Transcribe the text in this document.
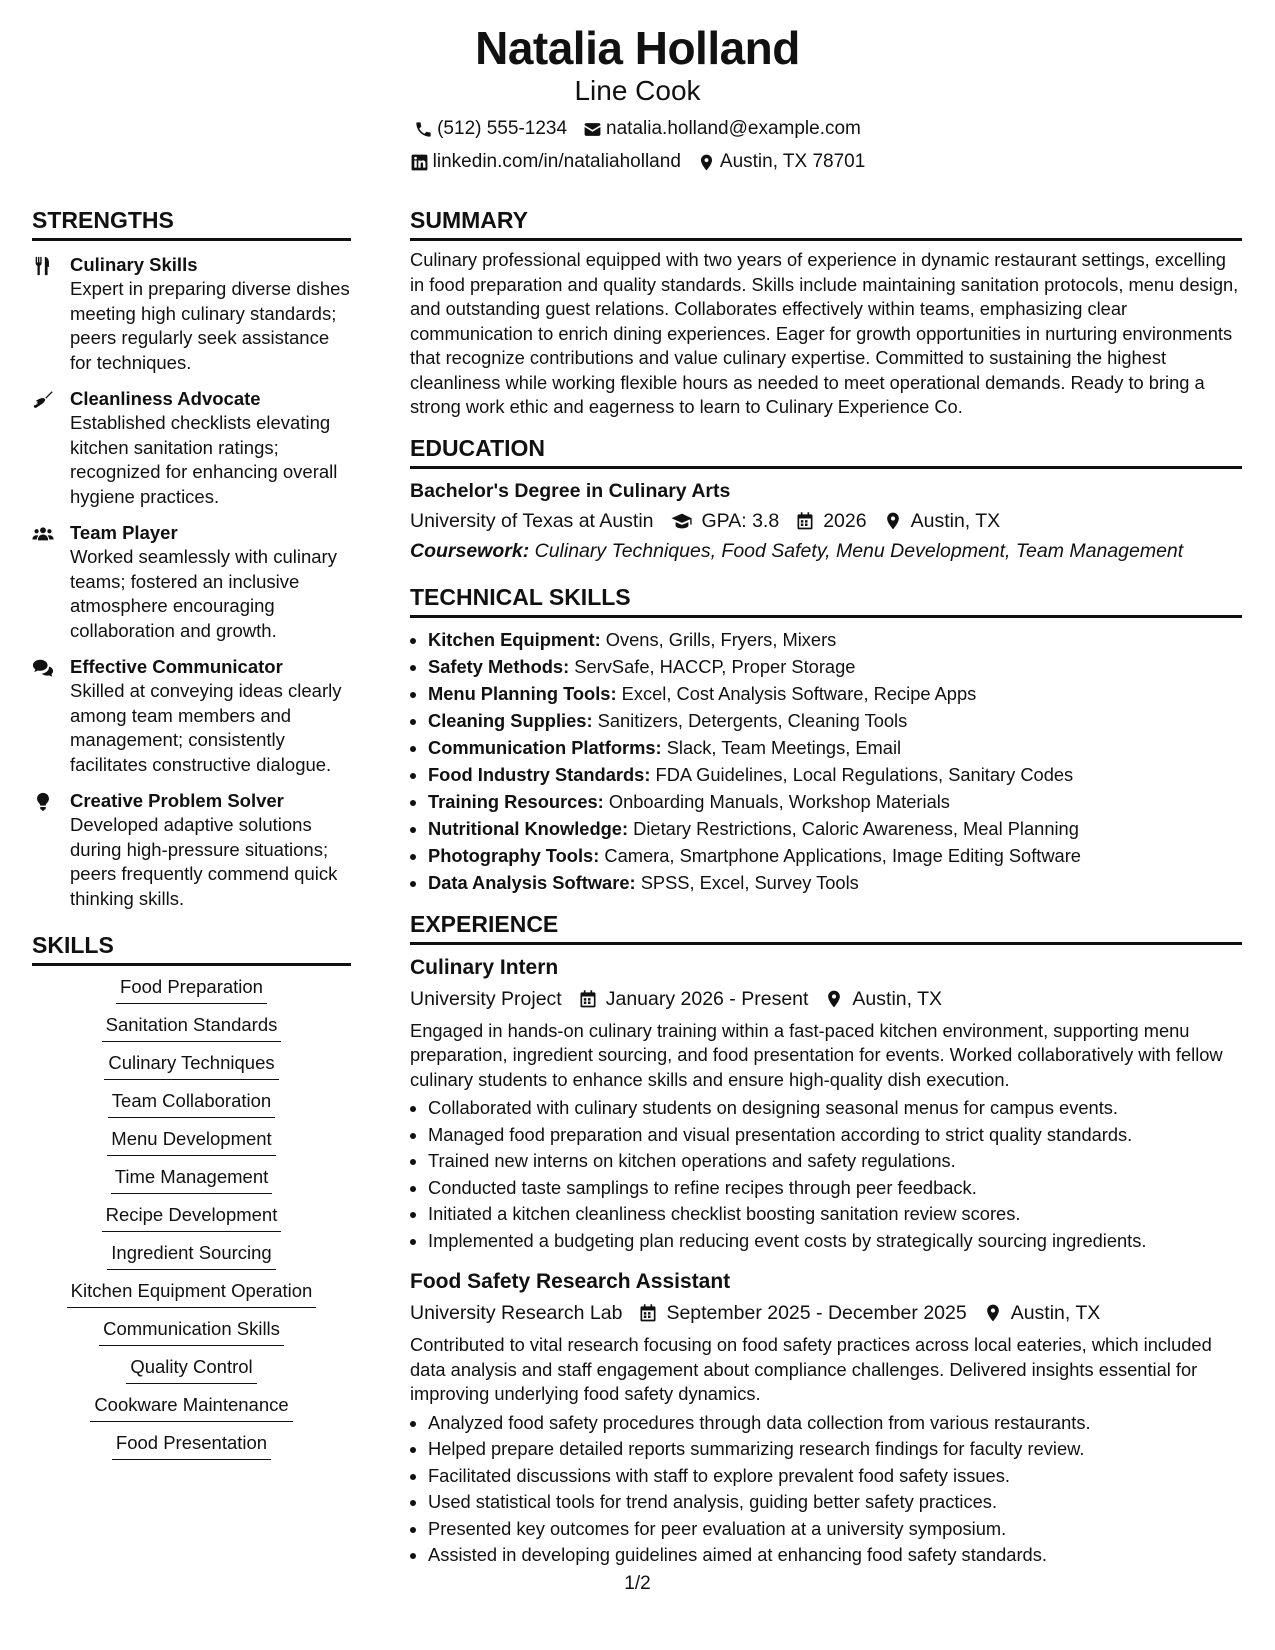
Natalia Holland
Line Cook
(512) 555-1234 natalia.holland@example.com
linkedin.com/in/nataliaholland Austin, TX 78701
STRENGTHS
Culinary Skills
Expert in preparing diverse dishes meeting high culinary standards; peers regularly seek assistance for techniques.
Cleanliness Advocate
Established checklists elevating kitchen sanitation ratings; recognized for enhancing overall hygiene practices.
Team Player
Worked seamlessly with culinary teams; fostered an inclusive atmosphere encouraging collaboration and growth.
Effective Communicator
Skilled at conveying ideas clearly among team members and management; consistently facilitates constructive dialogue.
Creative Problem Solver
Developed adaptive solutions during high-pressure situations; peers frequently commend quick thinking skills.
SKILLS
Food Preparation
Sanitation Standards
Culinary Techniques
Team Collaboration
Menu Development
Time Management
Recipe Development
Ingredient Sourcing
Kitchen Equipment Operation
Communication Skills
Quality Control
Cookware Maintenance
Food Presentation
SUMMARY
Culinary professional equipped with two years of experience in dynamic restaurant settings, excelling in food preparation and quality standards. Skills include maintaining sanitation protocols, menu design, and outstanding guest relations. Collaborates effectively within teams, emphasizing clear communication to enrich dining experiences. Eager for growth opportunities in nurturing environments that recognize contributions and value culinary expertise. Committed to sustaining the highest cleanliness while working flexible hours as needed to meet operational demands. Ready to bring a strong work ethic and eagerness to learn to Culinary Experience Co.
EDUCATION
Bachelor's Degree in Culinary Arts
University of Texas at Austin GPA: 3.8 2026 Austin, TX
Coursework: Culinary Techniques, Food Safety, Menu Development, Team Management
TECHNICAL SKILLS
• Kitchen Equipment: Ovens, Grills, Fryers, Mixers
• Safety Methods: ServSafe, HACCP, Proper Storage
• Menu Planning Tools: Excel, Cost Analysis Software, Recipe Apps
• Cleaning Supplies: Sanitizers, Detergents, Cleaning Tools
• Communication Platforms: Slack, Team Meetings, Email
• Food Industry Standards: FDA Guidelines, Local Regulations, Sanitary Codes
• Training Resources: Onboarding Manuals, Workshop Materials
• Nutritional Knowledge: Dietary Restrictions, Caloric Awareness, Meal Planning
• Photography Tools: Camera, Smartphone Applications, Image Editing Software
• Data Analysis Software: SPSS, Excel, Survey Tools
EXPERIENCE
Culinary Intern
University Project January 2026 - Present Austin, TX
Engaged in hands-on culinary training within a fast-paced kitchen environment, supporting menu preparation, ingredient sourcing, and food presentation for events. Worked collaboratively with fellow culinary students to enhance skills and ensure high-quality dish execution.
• Collaborated with culinary students on designing seasonal menus for campus events.
• Managed food preparation and visual presentation according to strict quality standards.
• Trained new interns on kitchen operations and safety regulations.
• Conducted taste samplings to refine recipes through peer feedback.
• Initiated a kitchen cleanliness checklist boosting sanitation review scores.
• Implemented a budgeting plan reducing event costs by strategically sourcing ingredients.
Food Safety Research Assistant
University Research Lab September 2025 - December 2025 Austin, TX
Contributed to vital research focusing on food safety practices across local eateries, which included data analysis and staff engagement about compliance challenges. Delivered insights essential for improving underlying food safety dynamics.
• Analyzed food safety procedures through data collection from various restaurants.
• Helped prepare detailed reports summarizing research findings for faculty review.
• Facilitated discussions with staff to explore prevalent food safety issues.
• Used statistical tools for trend analysis, guiding better safety practices.
• Presented key outcomes for peer evaluation at a university symposium.
• Assisted in developing guidelines aimed at enhancing food safety standards.
1/2
